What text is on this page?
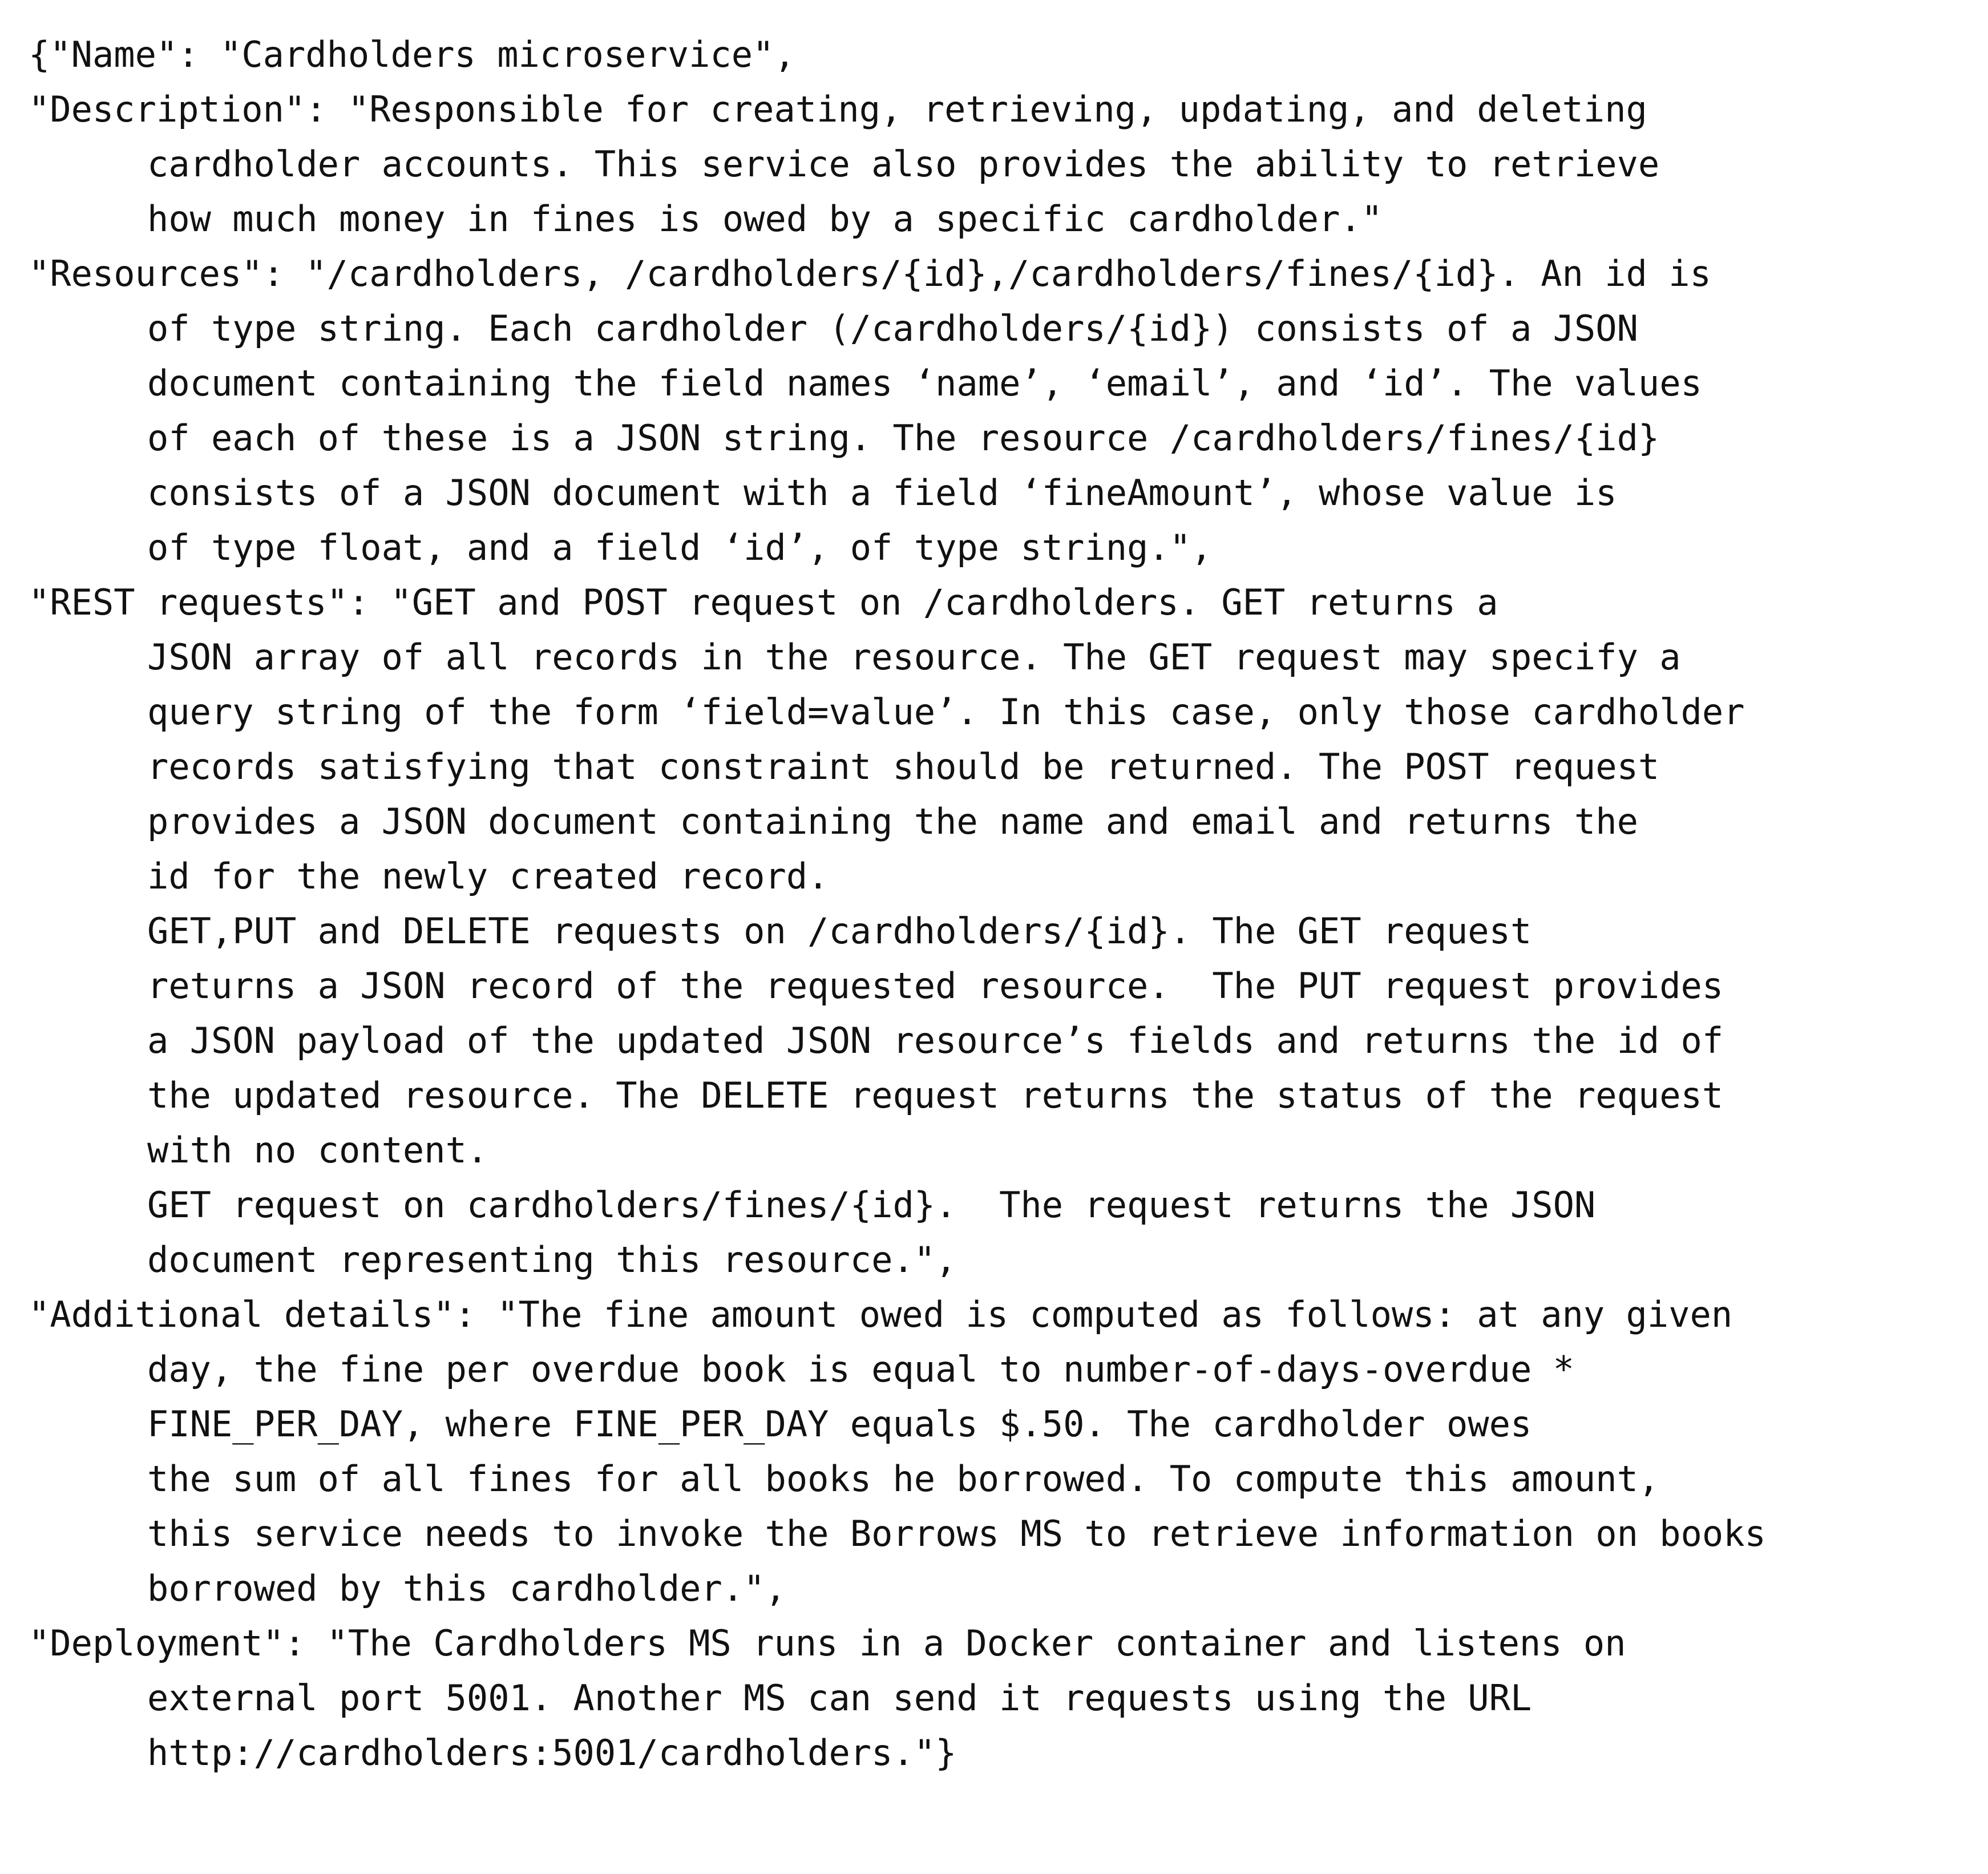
{"Name": "Cardholders microservice",
"Description": "Responsible for creating, retrieving, updating, and deleting
cardholder accounts. This service also provides the ability to retrieve
how much money in fines is owed by a specific cardholder."
"Resources": "/cardholders, /cardholders/{id},/cardholders/fines/{id}. An id is
of type string. Each cardholder (/cardholders/{id}) consists of a JSON
document containing the field names ‘name’, ‘email’, and ‘id’. The values
of each of these is a JSON string. The resource /cardholders/fines/{id}
consists of a JSON document with a field ‘fineAmount’, whose value is
of type float, and a field ‘id’, of type string.",
"REST requests": "GET and POST request on /cardholders. GET returns a
JSON array of all records in the resource. The GET request may specify a
query string of the form ‘field=value’. In this case, only those cardholder
records satisfying that constraint should be returned. The POST request
provides a JSON document containing the name and email and returns the
id for the newly created record.
GET,PUT and DELETE requests on /cardholders/{id}. The GET request
returns a JSON record of the requested resource.  The PUT request provides
a JSON payload of the updated JSON resource’s fields and returns the id of
the updated resource. The DELETE request returns the status of the request
with no content.
GET request on cardholders/fines/{id}.  The request returns the JSON
document representing this resource.",
"Additional details": "The fine amount owed is computed as follows: at any given
day, the fine per overdue book is equal to number-of-days-overdue *
FINE_PER_DAY, where FINE_PER_DAY equals $.50. The cardholder owes
the sum of all fines for all books he borrowed. To compute this amount,
this service needs to invoke the Borrows MS to retrieve information on books
borrowed by this cardholder.",
"Deployment": "The Cardholders MS runs in a Docker container and listens on
external port 5001. Another MS can send it requests using the URL
http://cardholders:5001/cardholders."}
